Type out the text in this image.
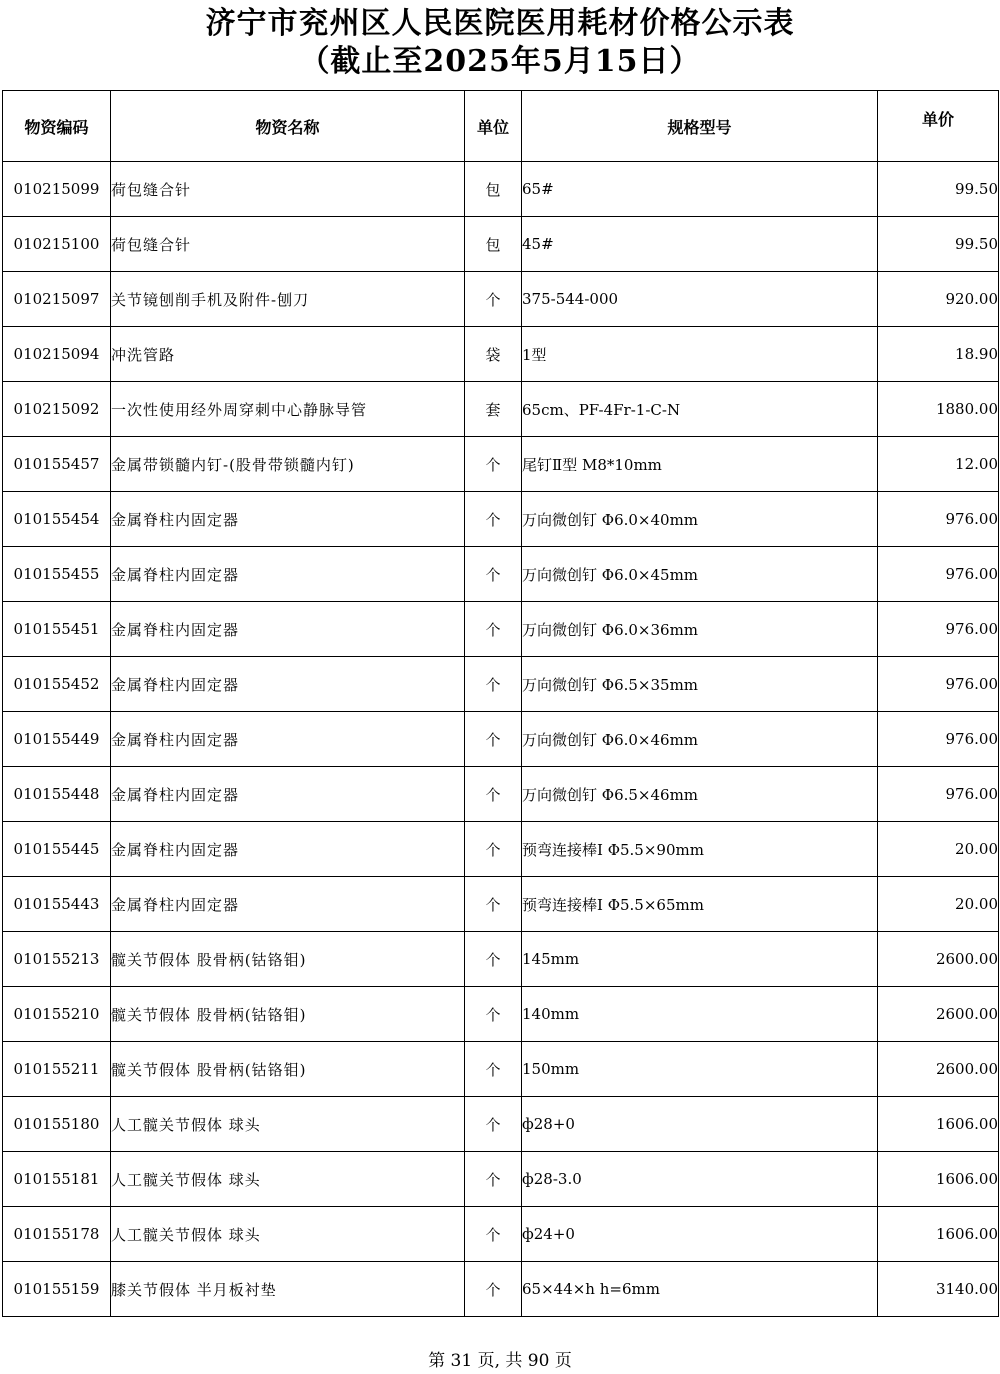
济宁市兖州区人民医院医用耗材价格公示表
（截止至2025年5月15日）
物资编码	物资名称	单位	规格型号	单价
010215099	荷包缝合针	包	65#	99.50
010215100	荷包缝合针	包	45#	99.50
010215097	关节镜刨削手机及附件-刨刀	个	375-544-000	920.00
010215094	冲洗管路	袋	1型	18.90
010215092	一次性使用经外周穿刺中心静脉导管	套	65cm、PF-4Fr-1-C-N	1880.00
010155457	金属带锁髓内钉-(股骨带锁髓内钉)	个	尾钉Ⅱ型 M8*10mm	12.00
010155454	金属脊柱内固定器	个	万向微创钉 Φ6.0×40mm	976.00
010155455	金属脊柱内固定器	个	万向微创钉 Φ6.0×45mm	976.00
010155451	金属脊柱内固定器	个	万向微创钉 Φ6.0×36mm	976.00
010155452	金属脊柱内固定器	个	万向微创钉 Φ6.5×35mm	976.00
010155449	金属脊柱内固定器	个	万向微创钉 Φ6.0×46mm	976.00
010155448	金属脊柱内固定器	个	万向微创钉 Φ6.5×46mm	976.00
010155445	金属脊柱内固定器	个	预弯连接棒I Φ5.5×90mm	20.00
010155443	金属脊柱内固定器	个	预弯连接棒I Φ5.5×65mm	20.00
010155213	髋关节假体 股骨柄(钴铬钼)	个	145mm	2600.00
010155210	髋关节假体 股骨柄(钴铬钼)	个	140mm	2600.00
010155211	髋关节假体 股骨柄(钴铬钼)	个	150mm	2600.00
010155180	人工髋关节假体 球头	个	ф28+0	1606.00
010155181	人工髋关节假体 球头	个	ф28-3.0	1606.00
010155178	人工髋关节假体 球头	个	ф24+0	1606.00
010155159	膝关节假体 半月板衬垫	个	65×44×h h=6mm	3140.00
第 31 页, 共 90 页
